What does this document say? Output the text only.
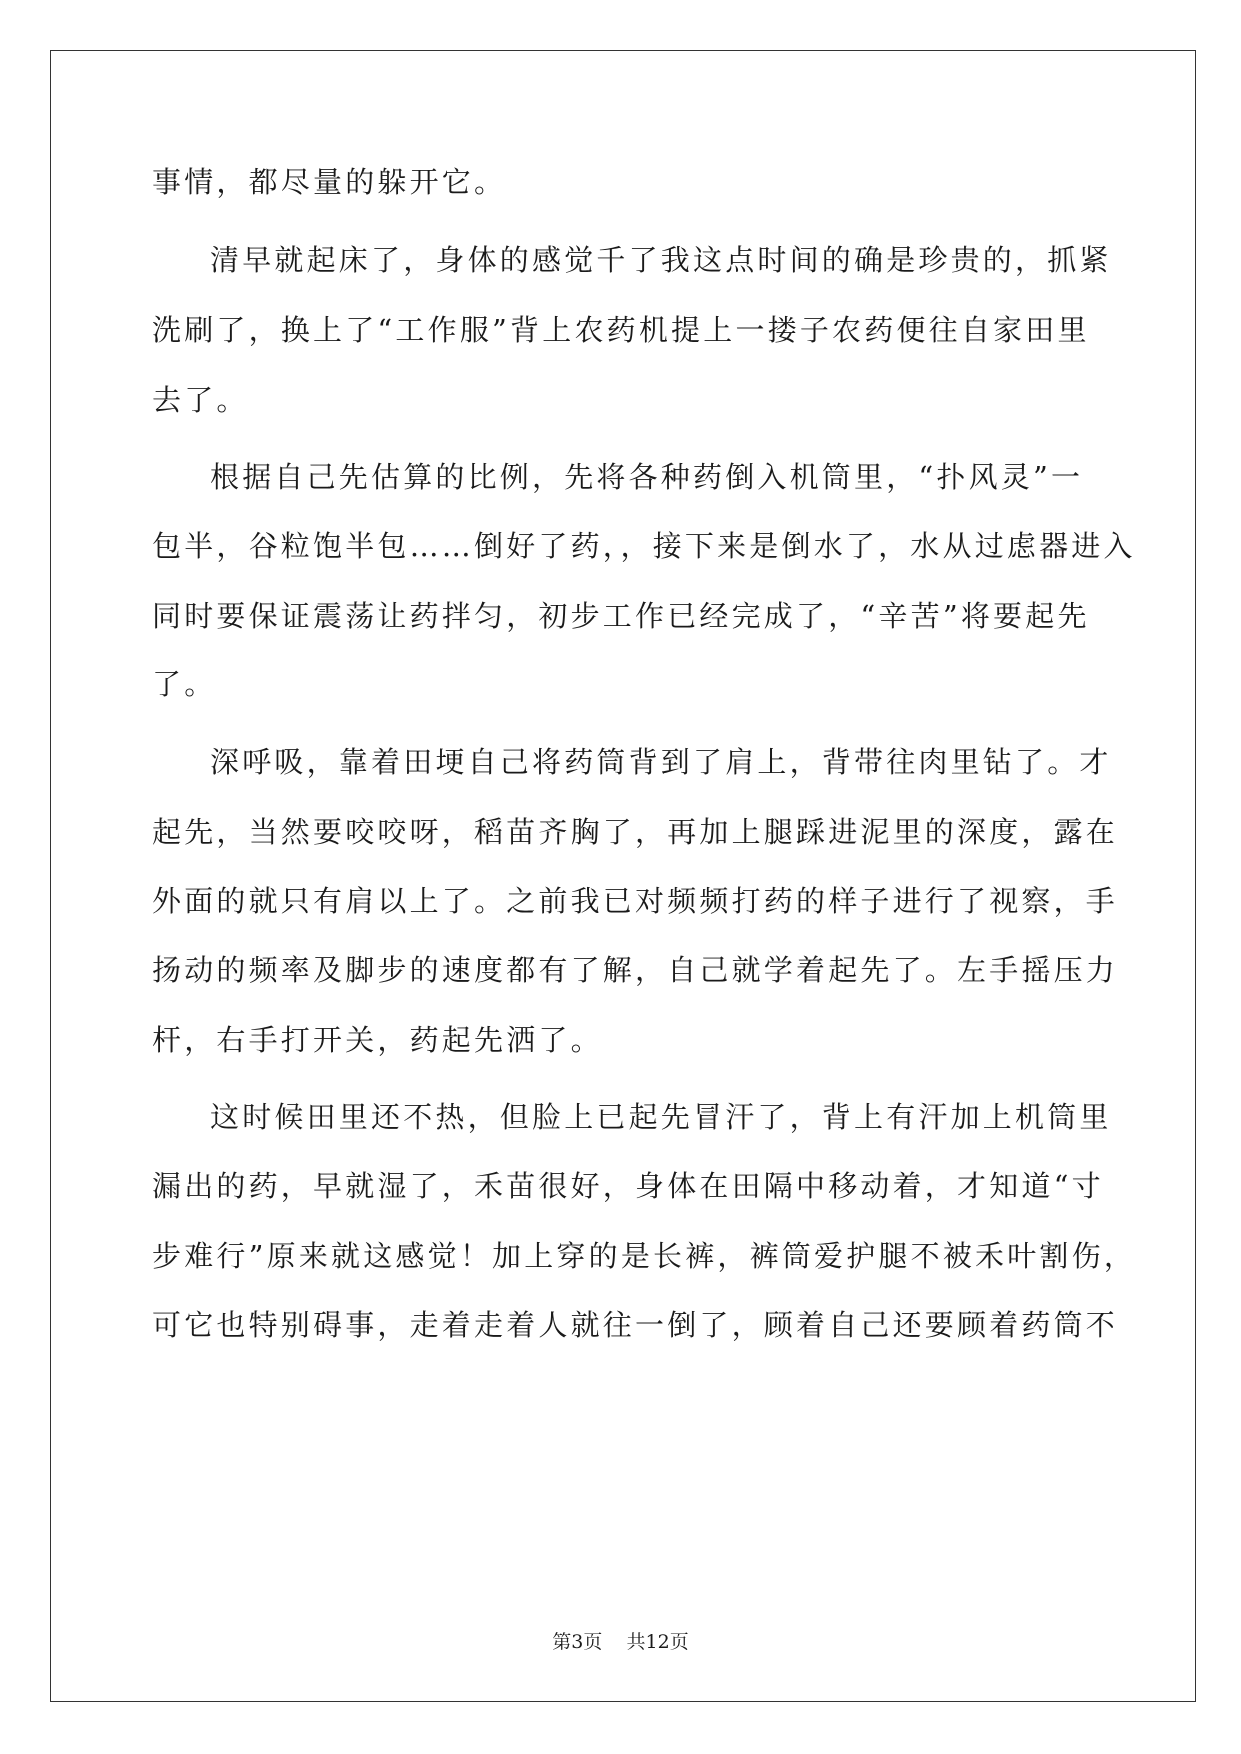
事情，都尽量的躲开它。
清早就起床了，身体的感觉千了我这点时间的确是珍贵的，抓紧
洗刷了，换上了“工作服”背上农药机提上一搂子农药便往自家田里
去了。
根据自己先估算的比例，先将各种药倒入机筒里，“扑风灵”一
包半，谷粒饱半包……倒好了药，，接下来是倒水了，水从过虑器进入
同时要保证震荡让药拌匀，初步工作已经完成了，“辛苦”将要起先
了。
深呼吸，靠着田埂自己将药筒背到了肩上，背带往肉里钻了。才
起先，当然要咬咬呀，稻苗齐胸了，再加上腿踩进泥里的深度，露在
外面的就只有肩以上了。之前我已对频频打药的样子进行了视察，手
扬动的频率及脚步的速度都有了解，自己就学着起先了。左手摇压力
杆，右手打开关，药起先洒了。
这时候田里还不热，但脸上已起先冒汗了，背上有汗加上机筒里
漏出的药，早就湿了，禾苗很好，身体在田隔中移动着，才知道“寸
步难行”原来就这感觉！加上穿的是长裤，裤筒爱护腿不被禾叶割伤，
可它也特别碍事，走着走着人就往一倒了，顾着自己还要顾着药筒不
第3页 共12页
